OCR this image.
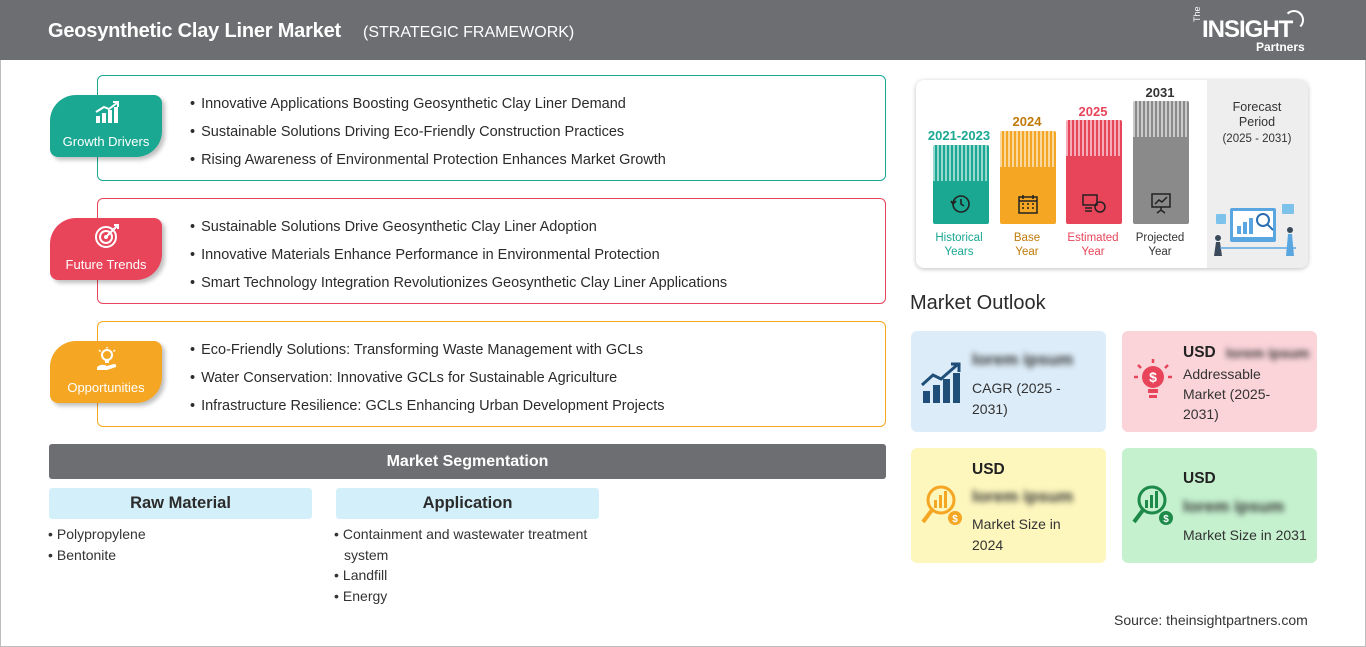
Geosynthetic Clay Liner Market (STRATEGIC FRAMEWORK)
The
INSIGHT
Partners
• Innovative Applications Boosting Geosynthetic Clay Liner Demand
• Sustainable Solutions Driving Eco-Friendly Construction Practices
• Rising Awareness of Environmental Protection Enhances Market Growth
Growth Drivers
• Sustainable Solutions Drive Geosynthetic Clay Liner Adoption
• Innovative Materials Enhance Performance in Environmental Protection
• Smart Technology Integration Revolutionizes Geosynthetic Clay Liner Applications
Future Trends
• Eco-Friendly Solutions: Transforming Waste Management with GCLs
• Water Conservation: Innovative GCLs for Sustainable Agriculture
• Infrastructure Resilience: GCLs Enhancing Urban Development Projects
Opportunities
Market Segmentation
Raw Material
• Polypropylene
• Bentonite
Application
• Containment and wastewater treatment system
• Landfill
• Energy
2021-2023
Historical
Years
2024
Base
Year
2025
Estimated
Year
2031
Projected
Year
Forecast
Period
(2025 - 2031)
Market Outlook
lorem ipsum
CAGR (2025 -
2031)
$
USD lorem ipsum
Addressable
Market (2025-
2031)
$
USD
lorem ipsum
Market Size in
2024
$
USD
lorem ipsum
Market Size in 2031
Source: theinsightpartners.com
